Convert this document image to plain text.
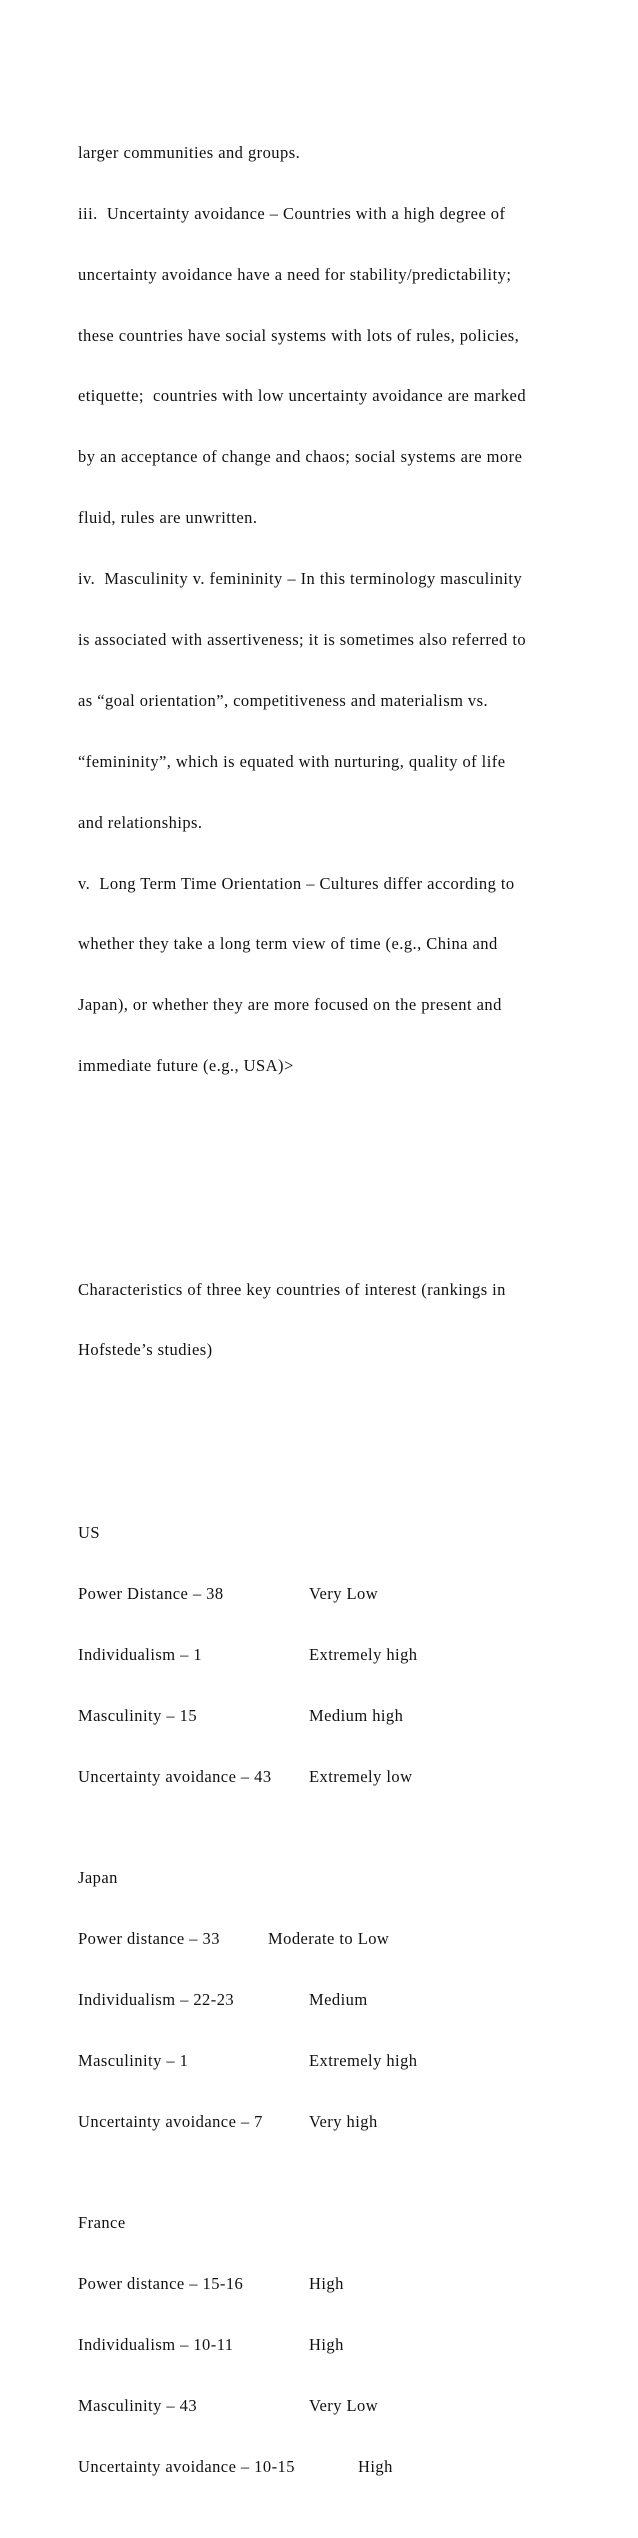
larger communities and groups.

iii.  Uncertainty avoidance – Countries with a high degree of

uncertainty avoidance have a need for stability/predictability;

these countries have social systems with lots of rules, policies,

etiquette;  countries with low uncertainty avoidance are marked

by an acceptance of change and chaos; social systems are more

fluid, rules are unwritten.

iv.  Masculinity v. femininity – In this terminology masculinity

is associated with assertiveness; it is sometimes also referred to

as “goal orientation”, competitiveness and materialism vs.

“femininity”, which is equated with nurturing, quality of life

and relationships.

v.  Long Term Time Orientation – Cultures differ according to

whether they take a long term view of time (e.g., China and

Japan), or whether they are more focused on the present and

immediate future (e.g., USA)>

Characteristics of three key countries of interest (rankings in

Hofstede’s studies)

US

Power Distance – 38

	Very Low

Individualism – 1

	Extremely high

Masculinity – 15

	Medium high

Uncertainty avoidance – 43

Extremely low

Japan

Power distance – 33

	Moderate to Low

Individualism – 22-23

	Medium

Masculinity – 1

	Extremely high

Uncertainty avoidance – 7

	Very high

France

Power distance – 15-16

	High

Individualism – 10-11

	High

Masculinity – 43

	Very Low

Uncertainty avoidance – 10-15

	High
